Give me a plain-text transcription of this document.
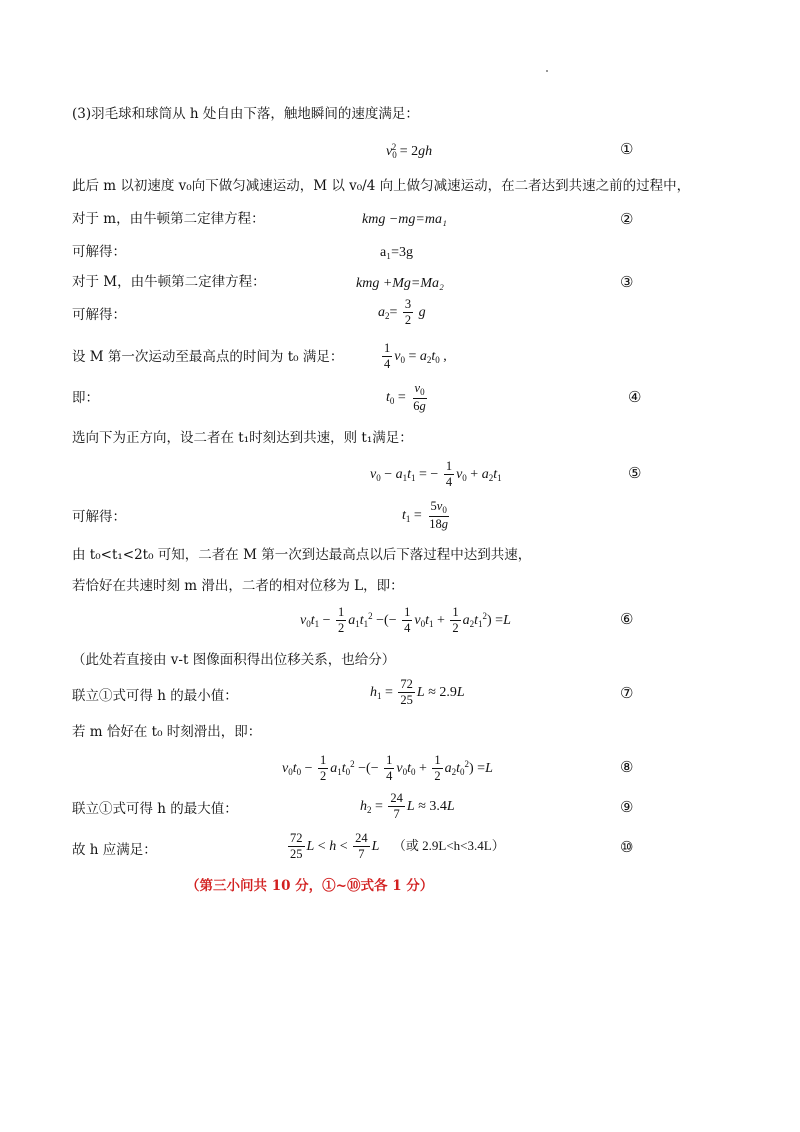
(3)羽毛球和球筒从 h 处自由下落，触地瞬间的速度满足：
$v_0^2 = 2gh$	①
此后 m 以初速度 v₀向下做匀减速运动，M 以 v₀/4 向上做匀减速运动，在二者达到共速之前的过程中，
对于 m，由牛顿第二定律方程：	kmg −mg=ma₁	②
可解得：	a₁=3g
对于 M，由牛顿第二定律方程：	kmg +Mg=Ma₂	③
可解得：	$a_2= \frac{3}{2}$ g
设 M 第一次运动至最高点的时间为 t₀ 满足：	$\frac{1}{4} v_0 = a_2t_0$ ,
即：	$t_0 = \frac{v_0}{6g}$	④
选向下为正方向，设二者在 t₁时刻达到共速，则 t₁满足：
$v_0 - a_1t_1$ = − $\frac{1}{4} v_0 + a_2t_1$	⑤
可解得：	$t_1 = \frac{5v_0}{18g}$
由 t₀<t₁<2t₀ 可知，二者在 M 第一次到达最高点以后下落过程中达到共速，
若恰好在共速时刻 m 滑出，二者的相对位移为 L，即：
$v_0t_1 - \frac{1}{2} a_1t_1^2$ −(− $\frac{1}{4} v_0t_1 + \frac{1}{2} a_2t_1^2) =L$	⑥
（此处若直接由 v-t 图像面积得出位移关系，也给分）
联立①式可得 h 的最小值：	$h_1 = \frac{72}{25}$ L ≈ 2.9L	⑦
若 m 恰好在 t₀ 时刻滑出，即：
$v_0t_0 - \frac{1}{2} a_1t_0^2$ −(− $\frac{1}{4} v_0t_0 + \frac{1}{2} a_2t_0^2) =L$	⑧
联立①式可得 h 的最大值：	$h_2 = \frac{24}{7}$ L ≈ 3.4L	⑨
故 h 应满足：	$\frac{72}{25}$ $L < h < \frac{24}{7}$ L （或 2.9L<h<3.4L）	⑩
（第三小问共 10 分，①~⑩式各 1 分）
